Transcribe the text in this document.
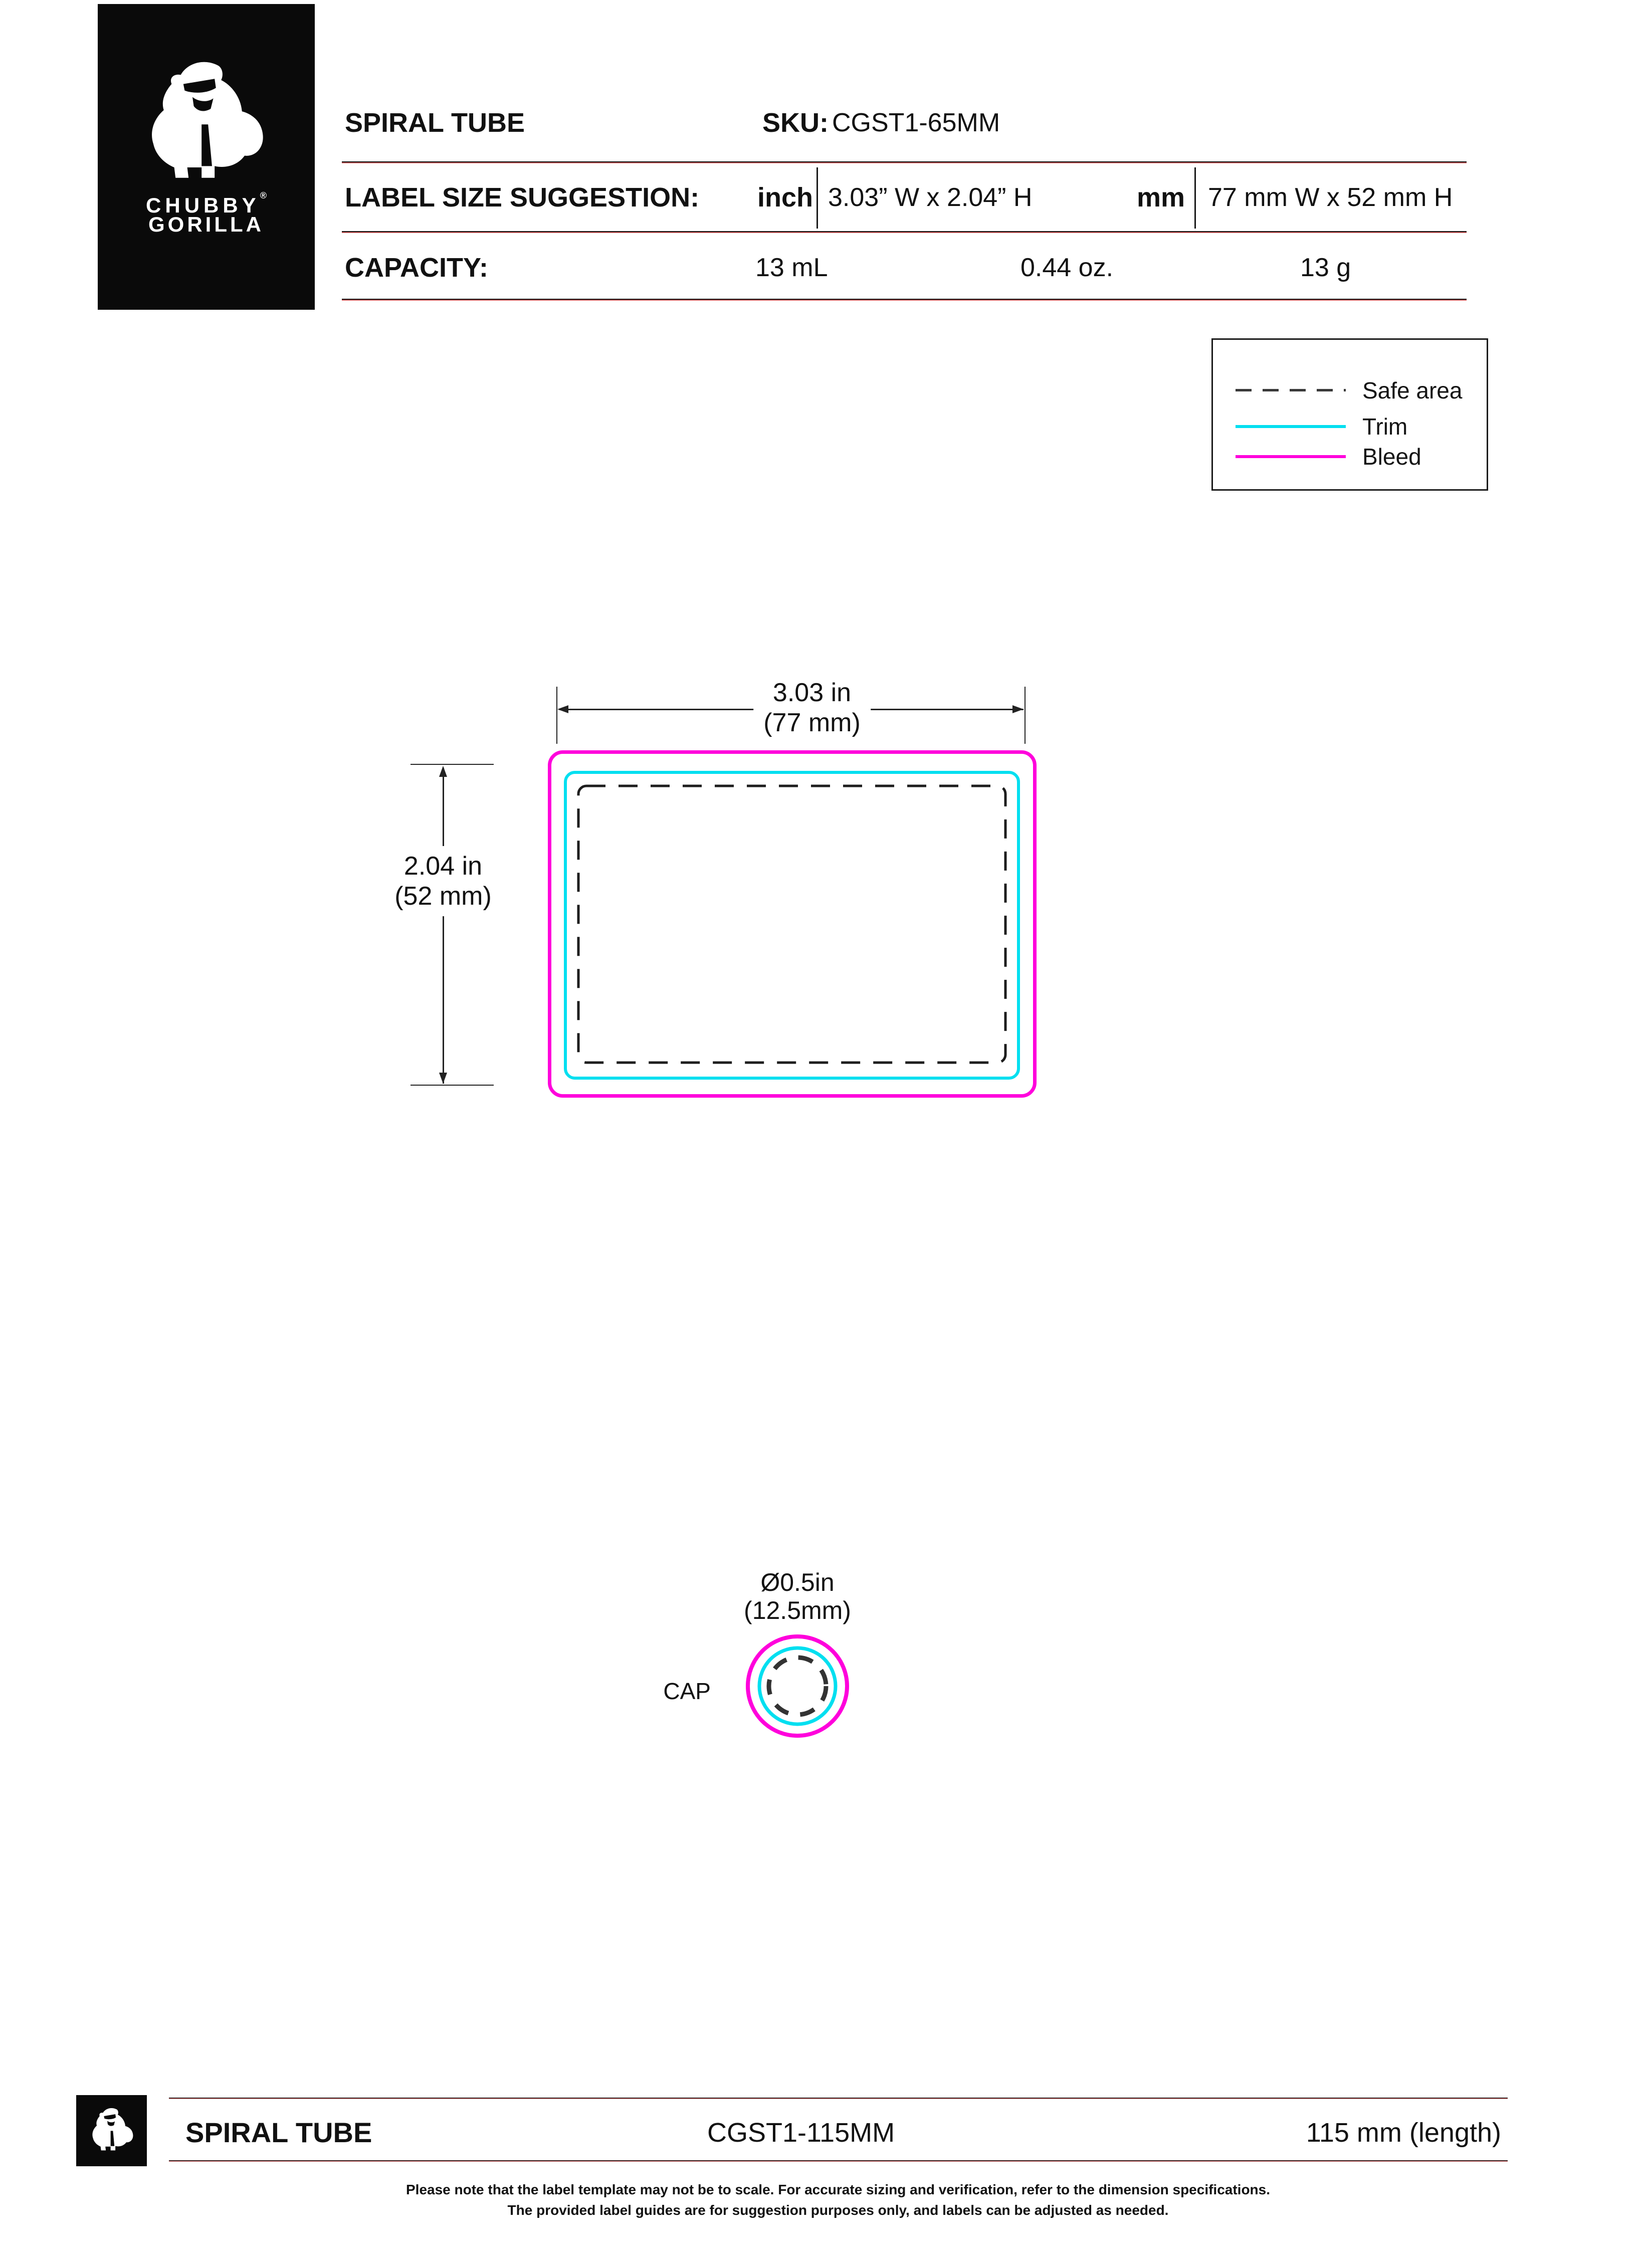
CHUBBY®
GORILLA
SPIRAL TUBE	SKU: CGST1-65MM
LABEL SIZE SUGGESTION:	inch 3.03” W x 2.04” H	mm 77 mm W x 52 mm H
CAPACITY:	13 mL	0.44 oz.	13 g
Safe area
Trim
Bleed
3.03 in
(77 mm)
2.04 in
(52 mm)
Ø0.5in
(12.5mm)
CAP
SPIRAL TUBE	CGST1-115MM	115 mm (length)
Please note that the label template may not be to scale. For accurate sizing and verification, refer to the dimension specifications.
The provided label guides are for suggestion purposes only, and labels can be adjusted as needed.
